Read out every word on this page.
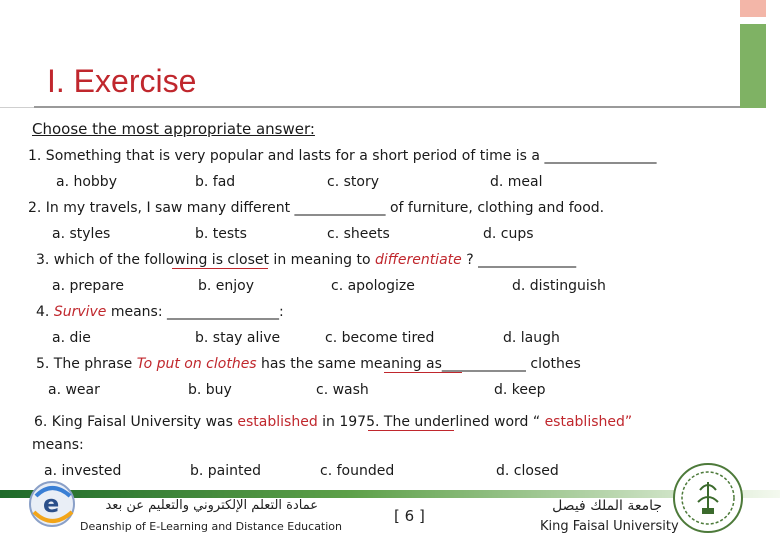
I. Exercise
Choose the most appropriate answer:
1. Something that is very popular and lasts for a short period of time is a ________________
a. hobby	b. fad	c. story	d. meal
2. In my travels, I saw many different _____________ of furniture, clothing and food.
a. styles	b. tests	c. sheets	d. cups
3. which of the following is closet in meaning to differentiate ? ______________
a. prepare	b. enjoy	c. apologize	d. distinguish
4. Survive means: ________________:
a. die	b. stay alive	c. become tired	d. laugh
5. The phrase To put on clothes has the same meaning as____________ clothes
a. wear	b. buy	c. wash	d. keep
6. King Faisal University was established in 1975. The underlined word “ established”
means:
a. invested	b. painted	c. founded	d. closed
e	عمادة التعلم الإلكتروني والتعليم عن بعد
Deanship of E-Learning and Distance Education
[ 6 ]
جامعة الملك فيصل
King Faisal University
